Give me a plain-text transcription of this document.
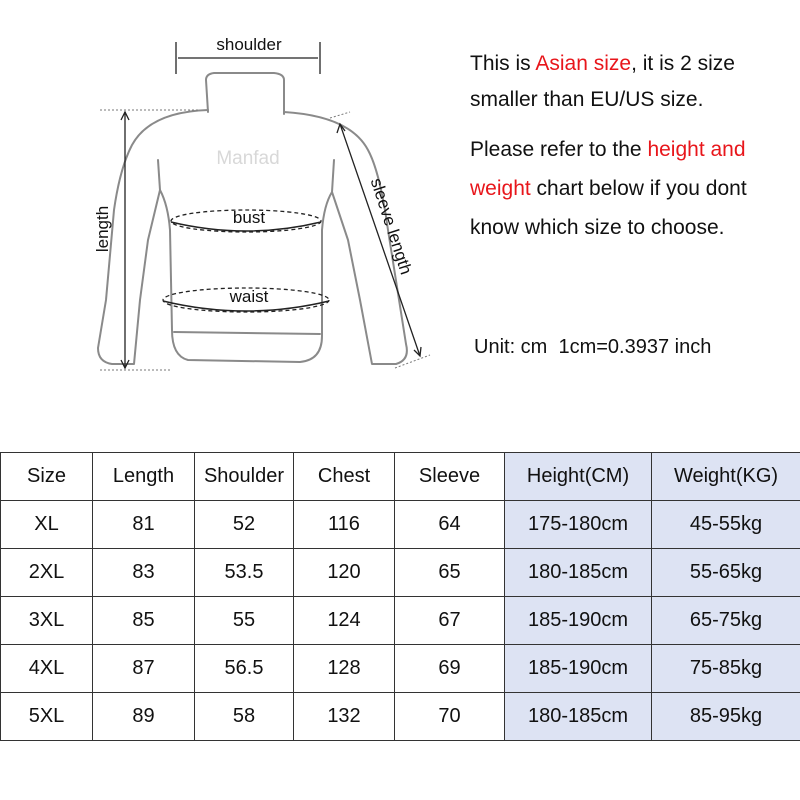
shoulder
length	sleeve length
bust
waist
Manfad

This is Asian size, it is 2 size smaller than EU/US size.

Please refer to the height and weight chart below if you dont know which size to choose.

Unit: cm  1cm=0.3937 inch
Size	Length	Shoulder	Chest	Sleeve	Height(CM)	Weight(KG)
XL	81	52	116	64	175-180cm	45-55kg
2XL	83	53.5	120	65	180-185cm	55-65kg
3XL	85	55	124	67	185-190cm	65-75kg
4XL	87	56.5	128	69	185-190cm	75-85kg
5XL	89	58	132	70	180-185cm	85-95kg
